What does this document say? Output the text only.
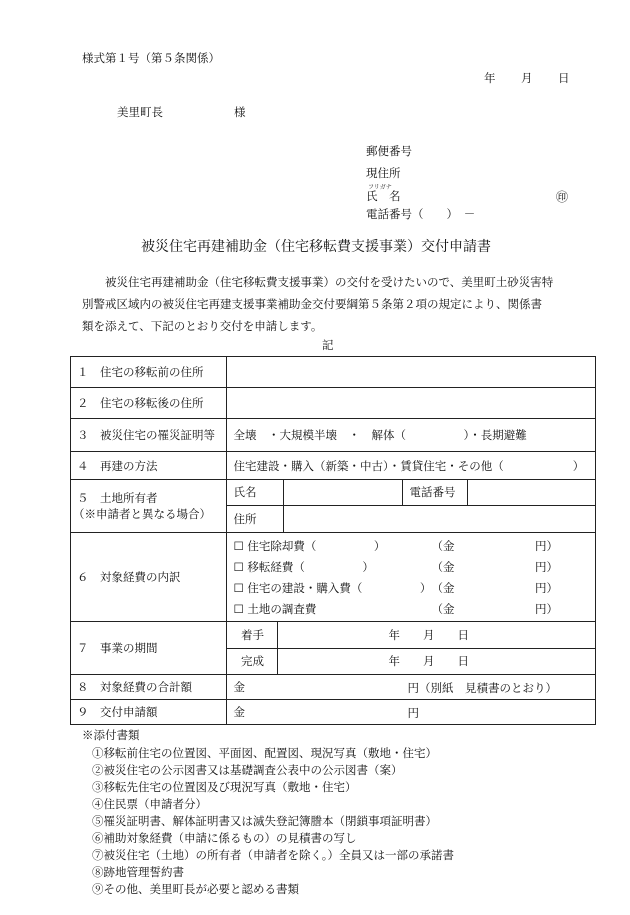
様式第１号（第５条関係）
年 月 日
美里町長	様
郵便番号
現住所
フリガナ
氏　名	㊞
電話番号（　　）　－
被災住宅再建補助金（住宅移転費支援事業）交付申請書
被災住宅再建補助金（住宅移転費支援事業）の交付を受けたいので、美里町土砂災害特
別警戒区域内の被災住宅再建支援事業補助金交付要綱第５条第２項の規定により、関係書
類を添えて、下記のとおり交付を申請します。
記
１　住宅の移転前の住所	
２　住宅の移転後の住所	
３　被災住宅の罹災証明等	全壊　・大規模半壊　・　解体（　　　　　）・長期避難
４　再建の方法	住宅建設・購入（新築・中古）・賃貸住宅・その他（　　　　　　）

５　土地所有者
（※申請者と異なる場合）

氏名		電話番号	
住所	

６　対象経費の内訳	
☐ 住宅除却費（　　　　　）	（金　　　　　　　円）
☐ 移転経費（　　　　　）	（金　　　　　　　円）
☐ 住宅の建設・購入費（　　　　　） （金　　　　　　　円）
☐ 土地の調査費	（金　　　　　　　円）

７　事業の期間	
着手	年　　月　　日
完成	年　　月　　日

８　対象経費の合計額	金	円（別紙　見積書のとおり）

９　交付申請額	金	円
※添付書類
①移転前住宅の位置図、平面図、配置図、現況写真（敷地・住宅）
②被災住宅の公示図書又は基礎調査公表中の公示図書（案）
③移転先住宅の位置図及び現況写真（敷地・住宅）
④住民票（申請者分）
⑤罹災証明書、解体証明書又は滅失登記簿謄本（閉鎖事項証明書）
⑥補助対象経費（申請に係るもの）の見積書の写し
⑦被災住宅（土地）の所有者（申請者を除く。）全員又は一部の承諾書
⑧跡地管理誓約書
⑨その他、美里町長が必要と認める書類
